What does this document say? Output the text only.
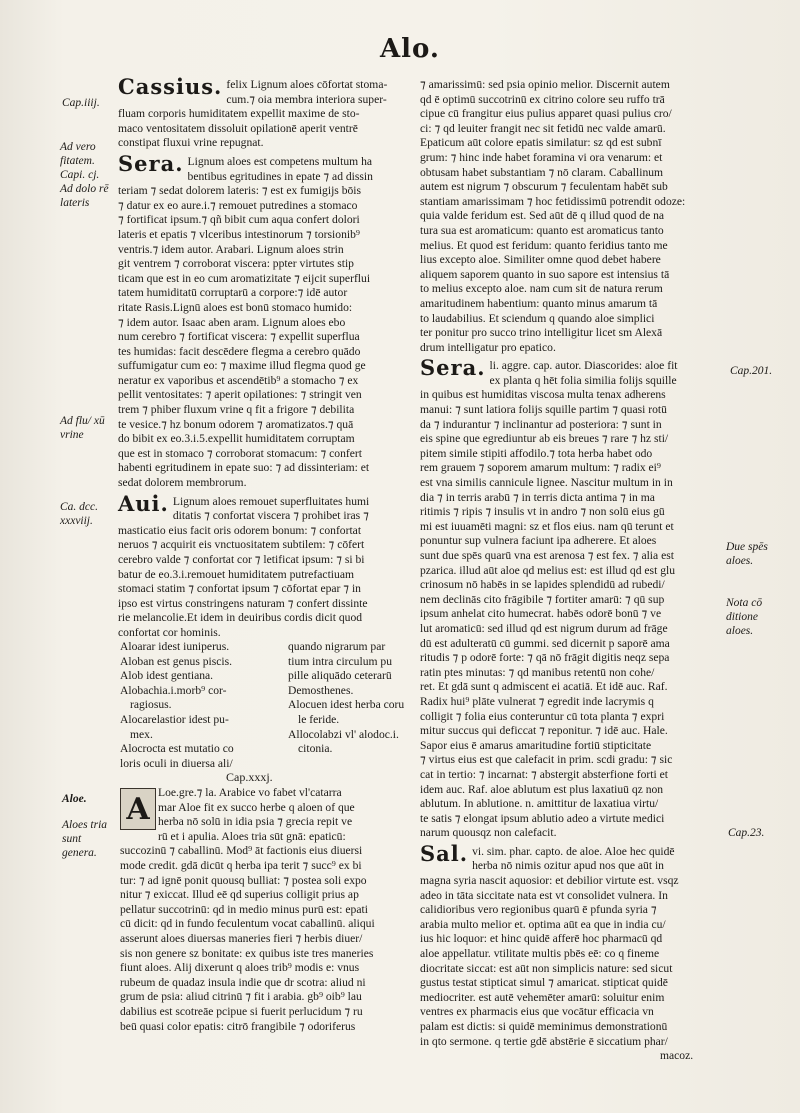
Alo.
Cap.iiij.
Ad vero fitatem. Capi. cj. Ad dolo rē lateris
Ad flu/ xū vrine
Ca. dcc. xxxviij.
Aloe.
Aloes tria sunt genera.
Cap.201.
Due spēs aloes.
Nota cō ditione aloes.
Cap.23.
Cassius. felix Lignum aloes cōfortat stoma-

cum.⁊ oia membra interiora super-

fluam corporis humiditatem expellit maxime de sto-

maco ventositatem dissoluit opilationē aperit ventrē

constipat fluxui vrine repugnat.

Sera. Lignum aloes est competens multum ha

bentibus egritudines in epate ⁊ ad dissin

teriam ⁊ sedat dolorem lateris: ⁊ est ex fumigijs bōis

⁊ datur ex eo aure.i.⁊ remouet putredines a stomaco

⁊ fortificat ipsum.⁊ qñ bibit cum aqua confert dolori

lateris et epatis ⁊ vlceribus intestinorum ⁊ torsionib⁹

ventris.⁊ idem autor. Arabari. Lignum aloes strin

git ventrem ⁊ corroborat viscera: ppter virtutes stip

ticam que est in eo cum aromatizitate ⁊ eijcit superflui

tatem humiditatū corruptarū a corpore:⁊ idē autor

ritate Rasis.Lignū aloes est bonū stomaco humido:

⁊ idem autor. Isaac aben aram. Lignum aloes ebo

num cerebro ⁊ fortificat viscera: ⁊ expellit superflua

tes humidas: facit descēdere flegma a cerebro quādo

suffumigatur cum eo: ⁊ maxime illud flegma quod ge

neratur ex vaporibus et ascendētib⁹ a stomacho ⁊ ex

pellit ventositates: ⁊ aperit opilationes: ⁊ stringit ven

trem ⁊ phiber fluxum vrine q fit a frigore ⁊ debilita

te vesice.⁊ hz bonum odorem ⁊ aromatizatos.⁊ quā

do bibit ex eo.3.i.5.expellit humiditatem corruptam

que est in stomaco ⁊ corroborat stomacum: ⁊ confert

habenti egritudinem in epate suo: ⁊ ad dissinteriam: et

sedat dolorem membrorum.

Aui. Lignum aloes remouet superfluitates humi

ditatis ⁊ confortat viscera ⁊ prohibet iras ⁊

masticatio eius facit oris odorem bonum: ⁊ confortat

neruos ⁊ acquirit eis vnctuositatem subtilem: ⁊ cōfert

cerebro valde ⁊ confortat cor ⁊ letificat ipsum: ⁊ si bi

batur de eo.3.i.remouet humiditatem putrefactiuam

stomaci statim ⁊ confortat ipsum ⁊ cōfortat epar ⁊ in

ipso est virtus constringens naturam ⁊ confert dissinte

rie melancolie.Et idem in deuiribus cordis dicit quod

confortat cor hominis.

Aloarar idest iuniperus.

Aloban est genus piscis.

Alob idest gentiana.

Alobachia.i.morb⁹ cor-

ragiosus.

Alocarelastior idest pu-

mex.

Alocrocta est mutatio co

loris oculi in diuersa ali/

quando nigrarum par

tium intra circulum pu

pille aliquādo ceterarū

Demosthenes.

Alocuen idest herba coru

le feride.

Allocolabzi vl' alodoc.i.

citonia.

Cap.xxxj.
A Loe.gre.⁊ la. Arabice vo fabet vl'catarra

mar Aloe fit ex succo herbe q aloen of que

herba nō solū in idia psia ⁊ grecia repit ve

rū et i apulia. Aloes tria sūt gnā: epaticū:

succozinū ⁊ caballinū. Mod⁹ āt factionis eius diuersi

mode credit. gdā dicūt q herba ipa terit ⁊ succ⁹ ex bi

tur: ⁊ ad ignē ponit quousq bulliat: ⁊ postea soli expo

nitur ⁊ exiccat. Illud eē qd superius colligit prius ap

pellatur succotrinū: qd in medio minus purū est: epati

cū dicit: qd in fundo feculentum vocat caballinū. aliqui

asserunt aloes diuersas maneries fieri ⁊ herbis diuer/

sis non genere sz bonitate: ex quibus iste tres maneries

fiunt aloes. Alij dixerunt q aloes trib⁹ modis e: vnus

rubeum de quadaz insula indie que dr scotra: aliud ni

grum de psia: aliud citrinū ⁊ fit i arabia. gb⁹ oib⁹ lau

dabilius est scotreāe pcipue si fuerit perlucidum ⁊ ru

beū quasi color epatis: citrō frangibile ⁊ odoriferus

⁊ amarissimū: sed psia opinio melior. Discernit autem

qd ē optimū succotrinū ex citrino colore seu ruffo trā

cipue cū frangitur eius pulius apparet quasi pulius cro/

ci: ⁊ qd leuiter frangit nec sit fetidū nec valde amarū.

Epaticum aūt colore epatis similatur: sz qd est subnī

grum: ⁊ hinc inde habet foramina vi ora venarum: et

obtusam habet substantiam ⁊ nō claram. Caballinum

autem est nigrum ⁊ obscurum ⁊ feculentam habēt sub

stantiam amarissimam ⁊ hoc fetidissimū potrendit odoze:

quia valde feridum est. Sed aūt dē q illud quod de na

tura sua est aromaticum: quanto est aromaticus tanto

melius. Et quod est feridum: quanto feridius tanto me

lius excepto aloe. Similiter omne quod debet habere

aliquem saporem quanto in suo sapore est intensius tā

to melius excepto aloe. nam cum sit de natura rerum

amaritudinem habentium: quanto minus amarum tā

to laudabilius. Et sciendum q quando aloe simplici

ter ponitur pro succo trino intelligitur licet sm Alexā

drum intelligatur pro epatico.

Sera. li. aggre. cap. autor. Diascorides: aloe fit

ex planta q hēt folia similia folijs squille

in quibus est humiditas viscosa multa tenax adherens

manui: ⁊ sunt latiora folijs squille partim ⁊ quasi rotū

da ⁊ indurantur ⁊ inclinantur ad posteriora: ⁊ sunt in

eis spine que egrediuntur ab eis breues ⁊ rare ⁊ hz sti/

pitem simile stipiti affodilo.⁊ tota herba habet odo

rem grauem ⁊ soporem amarum multum: ⁊ radix ei⁹

est vna similis cannicule lignee. Nascitur multum in in

dia ⁊ in terris arabū ⁊ in terris dicta antima ⁊ in ma

ritimis ⁊ ripis ⁊ insulis vt in andro ⁊ non solū eius gū

mi est iuuamēti magni: sz et flos eius. nam qū terunt et

ponuntur sup vulnera faciunt ipa adherere. Et aloes

sunt due spēs quarū vna est arenosa ⁊ est fex. ⁊ alia est

pzarica. illud aūt aloe qd melius est: est illud qd est glu

crinosum nō habēs in se lapides splendidū ad rubedi/

nem declinās cito frāgibile ⁊ fortiter amarū: ⁊ qū sup

ipsum anhelat cito humecrat. habēs odorē bonū ⁊ ve

lut aromaticū: sed illud qd est nigrum durum ad frāge

dū est adulteratū cū gummi. sed dicernit p saporē ama

ritudis ⁊ p odorē forte: ⁊ qā nō frāgit digitis neqz sepa

ratin ptes minutas: ⁊ qd manibus retentū non cohe/

ret. Et gdā sunt q admiscent ei acatiā. Et idē auc. Raf.

Radix hui⁹ plāte vulnerat ⁊ egredit inde lacrymis q

colligit ⁊ folia eius conteruntur cū tota planta ⁊ expri

mitur succus qui deficcat ⁊ reponitur. ⁊ idē auc. Hale.

Sapor eius ē amarus amaritudine fortiū stipticitate

⁊ virtus eius est que calefacit in prim. scdi gradu: ⁊ sic

cat in tertio: ⁊ incarnat: ⁊ abstergit absterfione forti et

idem auc. Raf. aloe ablutum est plus laxatiuū qz non

ablutum. In ablutione. n. amittitur de laxatiua virtu/

te satis ⁊ elongat ipsum ablutio adeo a virtute medici

narum quousqz non calefacit.

Sal. vi. sim. phar. capto. de aloe. Aloe hec quidē

herba nō nimis ozitur apud nos que aūt in

magna syria nascit aquosior: et debilior virtute est. vsqz

adeo in tāta siccitate nata est vt consolidet vulnera. In

calidioribus vero regionibus quarū ē pfunda syria ⁊

arabia multo melior et. optima aūt ea que in india cu/

ius hic loquor: et hinc quidē afferē hoc pharmacū qd

aloe appellatur. vtilitate multis pbēs eē: co q fineme

diocritate siccat: est aūt non simplicis nature: sed sicut

gustus testat stipticat simul ⁊ amaricat. stipticat quidē

mediocriter. est autē vehemēter amarū: soluitur enim

ventres ex pharmacis eius que vocātur efficacia vn

palam est dictis: si quidē meminimus demonstrationū

in qto sermone. q tertie gdē abstērie ē siccatium phar/

macoz.
